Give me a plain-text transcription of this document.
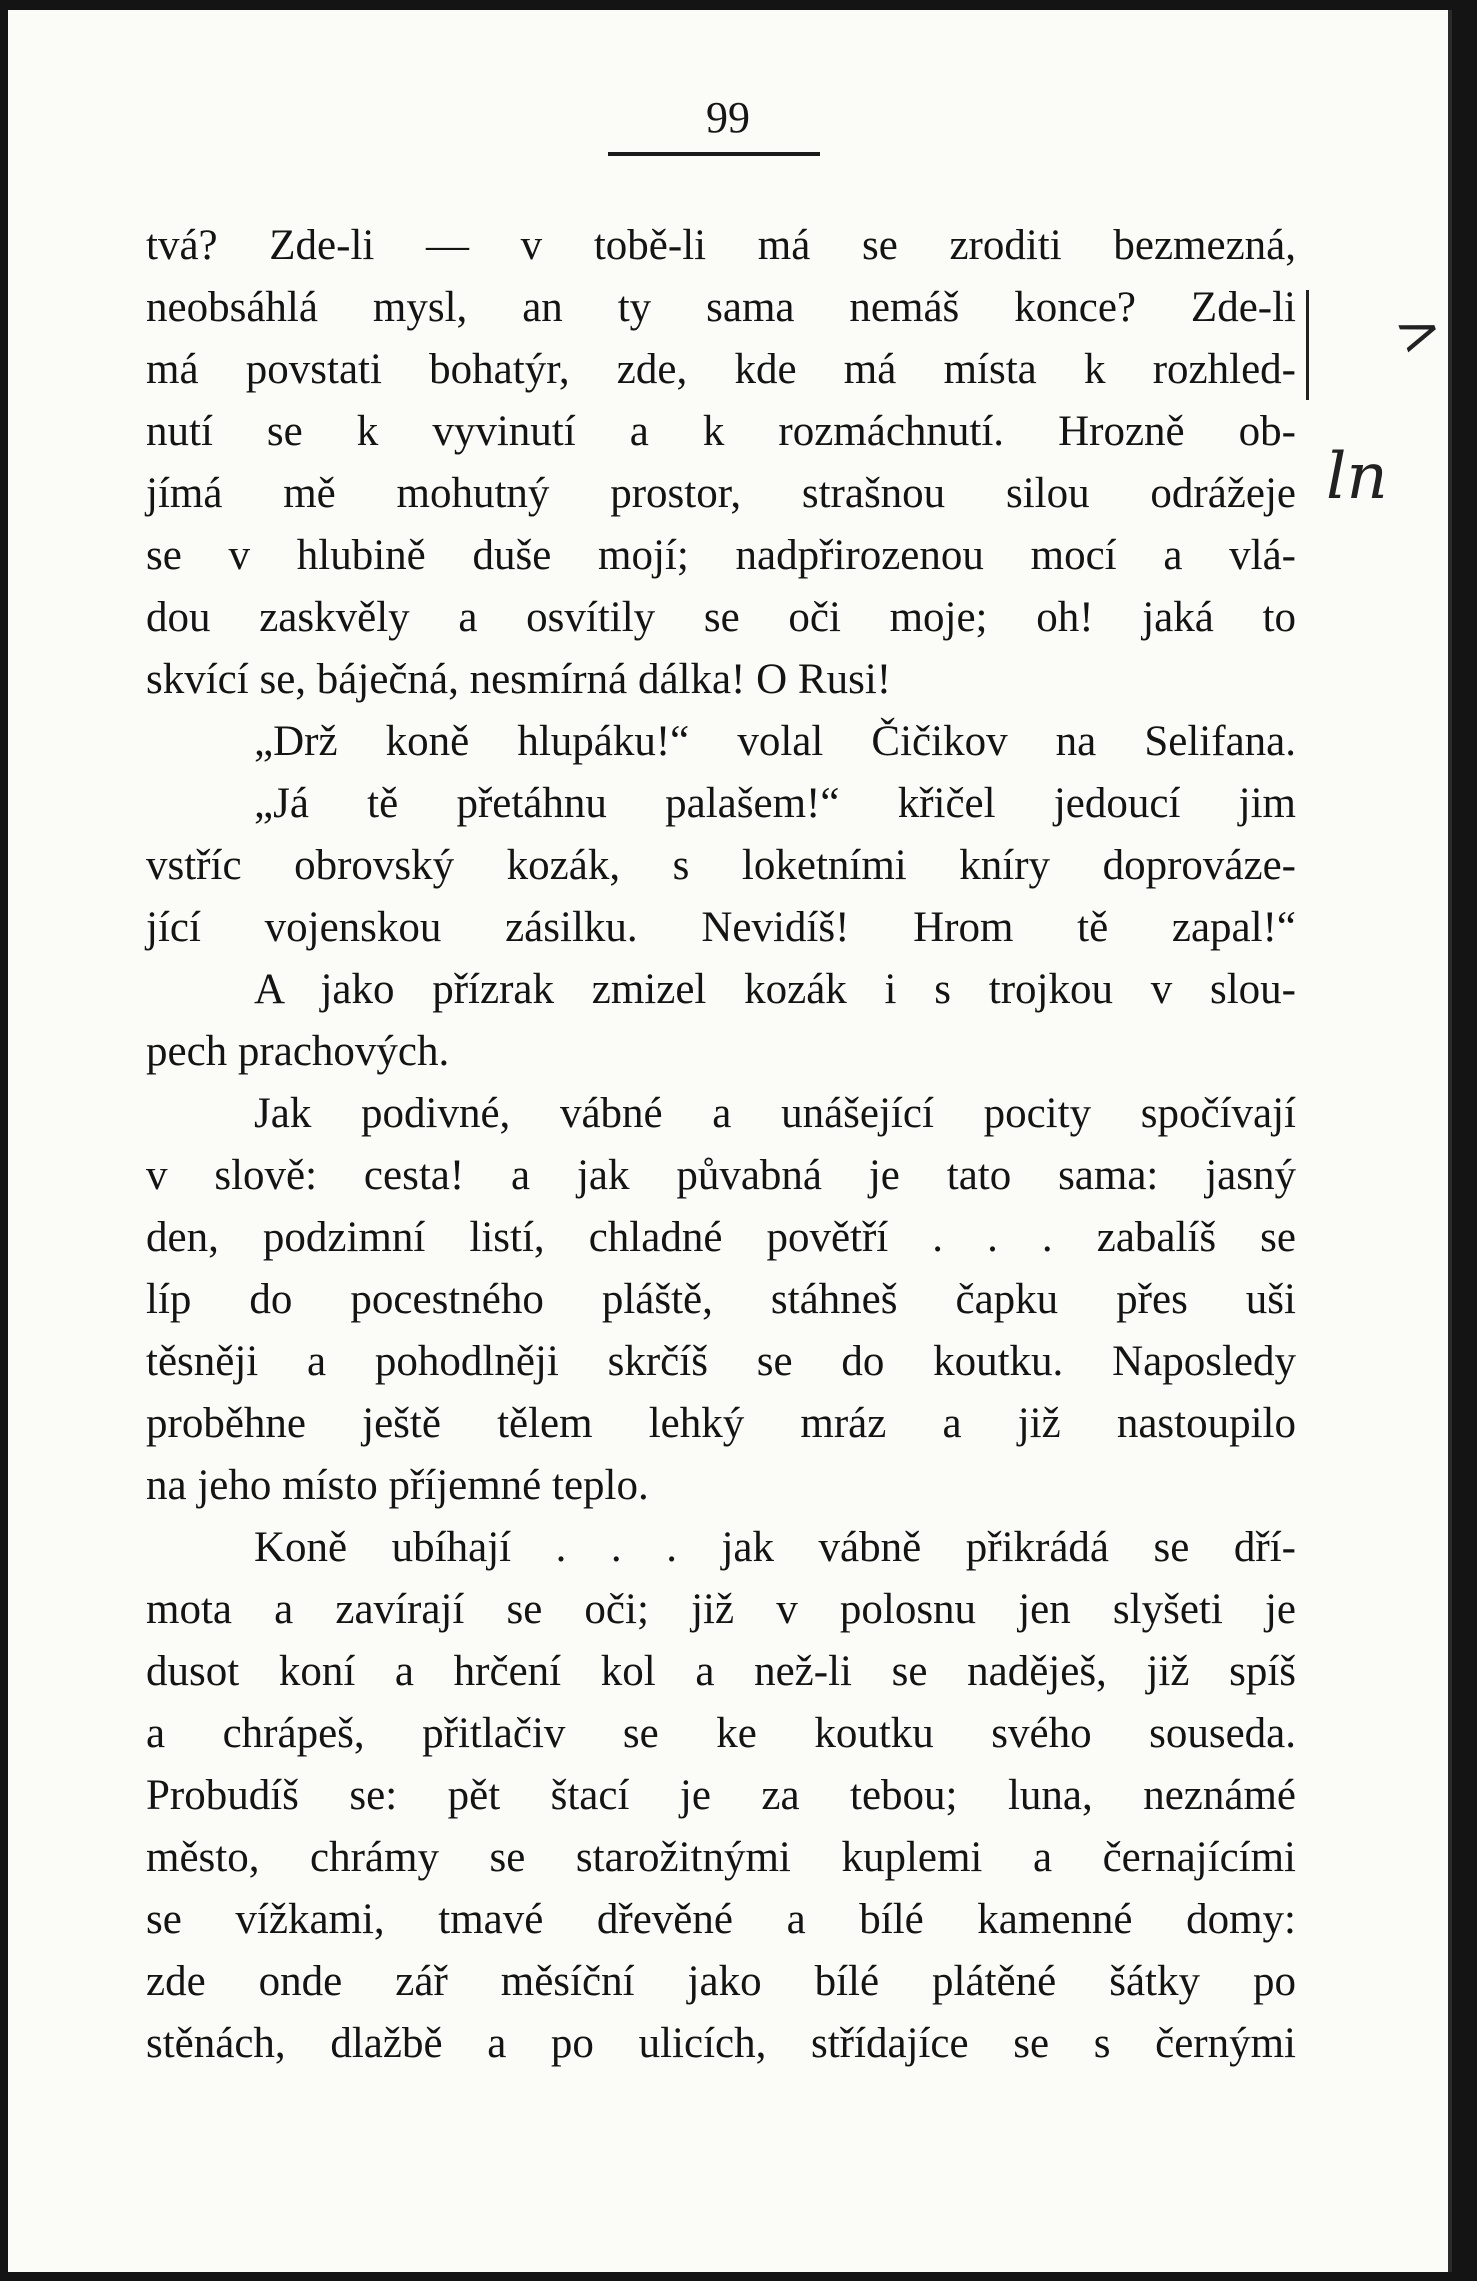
99
tvá? Zde-li — v tobě-li má se zroditi bezmezná,
neobsáhlá mysl, an ty sama nemáš konce? Zde-li
má povstati bohatýr, zde, kde má místa k rozhled-
nutí se k vyvinutí a k rozmáchnutí. Hrozně ob-
jímá mě mohutný prostor, strašnou silou odrážeje
se v hlubině duše mojí; nadpřirozenou mocí a vlá-
dou zaskvěly a osvítily se oči moje; oh! jaká to
skvící se, báječná, nesmírná dálka! O Rusi!
„Drž koně hlupáku!“ volal Čičikov na Selifana.
„Já tě přetáhnu palašem!“ křičel jedoucí jim
vstříc obrovský kozák, s loketními kníry doprováze-
jící vojenskou zásilku. Nevidíš! Hrom tě zapal!“
A jako přízrak zmizel kozák i s trojkou v slou-
pech prachových.
Jak podivné, vábné a unášející pocity spočívají
v slově: cesta! a jak půvabná je tato sama: jasný
den, podzimní listí, chladné povětří . . . zabalíš se
líp do pocestného pláště, stáhneš čapku přes uši
těsněji a pohodlněji skrčíš se do koutku. Naposledy
proběhne ještě tělem lehký mráz a již nastoupilo
na jeho místo příjemné teplo.
Koně ubíhají . . . jak vábně přikrádá se dří-
mota a zavírají se oči; již v polosnu jen slyšeti je
dusot koní a hrčení kol a než-li se naděješ, již spíš
a chrápeš, přitlačiv se ke koutku svého souseda.
Probudíš se: pět štací je za tebou; luna, neznámé
město, chrámy se starožitnými kuplemi a černajícími
se vížkami, tmavé dřevěné a bílé kamenné domy:
zde onde zář měsíční jako bílé plátěné šátky po
stěnách, dlažbě a po ulicích, střídajíce se s černými
>
ln
